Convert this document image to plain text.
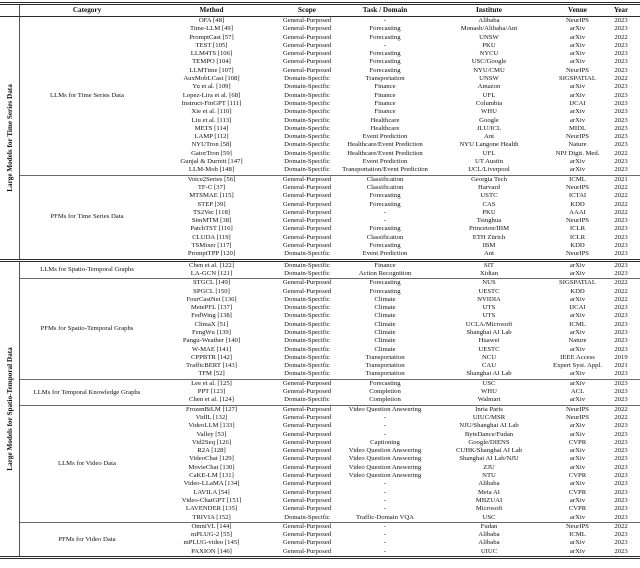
Category	Method	Scope	Task / Domain	Institute	Venue	Year
Large Models for Time Series Data	LLMs for Time Series Data
OFA [48]	General-Purposed	-	Alibaba	NeurIPS	2023
Time-LLM [49]	General-Purposed	Forecasting	Monash/Alibaba/Ant	arXiv	2023
PromptCast [57]	General-Purposed	Forecasting	UNSW	arXiv	2022
TEST [105]	General-Purposed	-	PKU	arXiv	2023
LLM4TS [106]	General-Purposed	Forecasting	NYCU	arXiv	2023
TEMPO [104]	General-Purposed	Forecasting	USC/Google	arXiv	2023
LLMTime [107]	General-Purposed	Forecasting	NYU/CMU	NeurIPS	2023
AuxMobLCast [108]	Domain-Specific	Transportation	UNSW	SIGSPATIAL	2022
Yu et al. [109]	Domain-Specific	Finance	Amazon	arXiv	2023
Lopez-Lira et al. [68]	Domain-Specific	Finance	UFL	arXiv	2023
Instruct-FinGPT [111]	Domain-Specific	Finance	Columbia	IJCAI	2023
Xie et al. [110]	Domain-Specific	Finance	WHU	arXiv	2023
Liu et al. [113]	Domain-Specific	Healthcare	Google	arXiv	2023
METS [114]	Domain-Specific	Healthcare	JLU/ICL	MIDL	2023
LAMP [112]	Domain-Specific	Event Prediction	Ant	NeurIPS	2023
NYUTron [58]	Domain-Specific	Healthcare/Event Prediction	NYU Langone Health	Nature	2023
GatorTron [59]	Domain-Specific	Healthcare/Event Prediction	UFL	NPJ Digit. Med.	2022
Gunjal & Durrett [147]	Domain-Specific	Event Prediction	UT Austin	arXiv	2023
LLM-Mob [148]	Domain-Specific	Transportation/Event Prediction	UCL/Liverpool	arXiv	2023
PFMs for Time Series Data
Voice2Series [56]	General-Purposed	Classification	Georgia Tech	ICML	2021
TF-C [37]	General-Purposed	Classification	Harvard	NeurIPS	2022
MTSMAE [115]	General-Purposed	Forecasting	USTC	ICTAI	2022
STEP [39]	General-Purposed	Forecasting	CAS	KDD	2022
TS2Vec [118]	General-Purposed	-	PKU	AAAI	2022
SimMTM [38]	General-Purposed	-	Tsinghua	NeurIPS	2023
PatchTST [116]	General-Purposed	Forecasting	Princeton/IBM	ICLR	2023
CLUDA [119]	General-Purposed	Classification	ETH Zürich	ICLR	2023
TSMixer [117]	General-Purposed	Forecasting	IBM	KDD	2023
PromptTPP [120]	Domain-Specific	Event Prediction	Ant	NeurIPS	2023
Large Models for Spatio-Temporal Data
LLMs for Spatio-Temporal Graphs
Chen et al. [122]	Domain-Specific	Finance	SIT	arXiv	2023
LA-GCN [121]	Domain-Specific	Action Recognition	Xidian	arXiv	2023
PFMs for Spatio-Temporal Graphs
STGCL [149]	General-Purposed	Forecasting	NUS	SIGSPATIAL	2022
SPGCL [150]	General-Purposed	Forecasting	UESTC	KDD	2022
FourCastNet [136]	Domain-Specific	Climate	NVIDIA	arXiv	2022
MetePFL [137]	Domain-Specific	Climate	UTS	IJCAI	2023
FedWing [138]	Domain-Specific	Climate	UTS	arXiv	2023
ClimaX [51]	Domain-Specific	Climate	UCLA/Microsoft	ICML	2023
FengWu [139]	Domain-Specific	Climate	Shanghai AI Lab	arXiv	2023
Pangu-Weather [140]	Domain-Specific	Climate	Huawei	Nature	2023
W-MAE [141]	Domain-Specific	Climate	UESTC	arXiv	2023
CPPBTR [142]	Domain-Specific	Transportation	NCU	IEEE Access	2019
TrafficBERT [143]	Domain-Specific	Transportation	CAU	Expert Syst. Appl.	2021
TFM [52]	Domain-Specific	Transportation	Shanghai AI Lab	arXiv	2023
LLMs for Temporal Knowledge Graphs
Lee et al. [125]	General-Purposed	Forecasting	USC	arXiv	2023
PPT [123]	General-Purposed	Completion	WHU	ACL	2023
Chen et al. [124]	Domain-Specific	Completion	Walmart	arXiv	2023
LLMs for Video Data
FrozenBiLM [127]	General-Purposed	Video Question Answering	Inria Paris	NeurIPS	2022
VidIL [132]	General-Purposed	-	UIUC/MSR	NeurIPS	2022
VideoLLM [133]	General-Purposed	-	NJU/Shanghai AI Lab	arXiv	2023
Valley [53]	General-Purposed	-	ByteDance/Fudan	arXiv	2023
Vid2Seq [126]	General-Purposed	Captioning	Google/DIENS	CVPR	2023
R2A [128]	General-Purposed	Video Question Answering	CUHK/Shanghai AI Lab	arXiv	2023
VideoChat [129]	General-Purposed	Video Question Answering	Shanghai AI Lab/NJU	arXiv	2023
MovieChat [130]	General-Purposed	Video Question Answering	ZJU	arXiv	2023
CaKE-LM [131]	General-Purposed	Video Question Answering	NTU	CVPR	2023
Video-LLaMA [134]	General-Purposed	-	Alibaba	arXiv	2023
LAVILA [54]	General-Purposed	-	Meta AI	CVPR	2023
Video-ChatGPT [151]	General-Purposed	-	MBZUAI	arXiv	2023
LAVENDER [135]	General-Purposed	-	Microsoft	CVPR	2023
TRIVIA [152]	Domain-Specific	Traffic-Domain VQA	USC	arXiv	2023
PFMs for Video Data
OmniVL [144]	General-Purposed	-	Fudan	NeurIPS	2022
mPLUG-2 [55]	General-Purposed	-	Alibaba	ICML	2023
mPLUG-video [145]	General-Purposed	-	Alibaba	arXiv	2023
PAXION [146]	General-Purposed	-	UIUC	arXiv	2023
